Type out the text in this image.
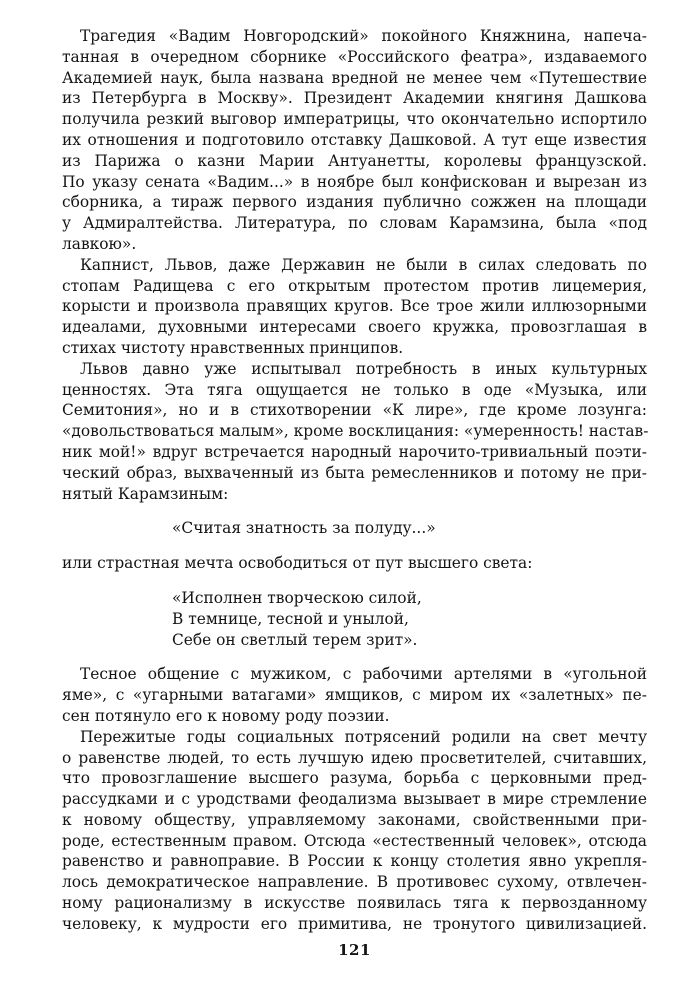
Трагедия «Вадим Новгородский» покойного Княжнина, напеча-
танная в очередном сборнике «Российского феатра», издаваемого
Академией наук, была названа вредной не менее чем «Путешествие
из Петербурга в Москву». Президент Академии княгиня Дашкова
получила резкий выговор императрицы, что окончательно испортило
их отношения и подготовило отставку Дашковой. А тут еще известия
из Парижа о казни Марии Антуанетты, королевы французской.
По указу сената «Вадим...» в ноябре был конфискован и вырезан из
сборника, а тираж первого издания публично сожжен на площади
у Адмиралтейства. Литература, по словам Карамзина, была «под
лавкою».
Капнист, Львов, даже Державин не были в силах следовать по
стопам Радищева с его открытым протестом против лицемерия,
корысти и произвола правящих кругов. Все трое жили иллюзорными
идеалами, духовными интересами своего кружка, провозглашая в
стихах чистоту нравственных принципов.
Львов давно уже испытывал потребность в иных культурных
ценностях. Эта тяга ощущается не только в оде «Музыка, или
Семитония», но и в стихотворении «К лире», где кроме лозунга:
«довольствоваться малым», кроме восклицания: «умеренность! настав-
ник мой!» вдруг встречается народный нарочито-тривиальный поэти-
ческий образ, выхваченный из быта ремесленников и потому не при-
нятый Карамзиным:
«Считая знатность за полуду...»
или страстная мечта освободиться от пут высшего света:
«Исполнен творческою силой,
В темнице, тесной и унылой,
Себе он светлый терем зрит».
Тесное общение с мужиком, с рабочими артелями в «угольной
яме», с «угарными ватагами» ямщиков, с миром их «залетных» пе-
сен потянуло его к новому роду поэзии.
Пережитые годы социальных потрясений родили на свет мечту
о равенстве людей, то есть лучшую идею просветителей, считавших,
что провозглашение высшего разума, борьба с церковными пред-
рассудками и с уродствами феодализма вызывает в мире стремление
к новому обществу, управляемому законами, свойственными при-
роде, естественным правом. Отсюда «естественный человек», отсюда
равенство и равноправие. В России к концу столетия явно укрепля-
лось демократическое направление. В противовес сухому, отвлечен-
ному рационализму в искусстве появилась тяга к первозданному
человеку, к мудрости его примитива, не тронутого цивилизацией.
121
